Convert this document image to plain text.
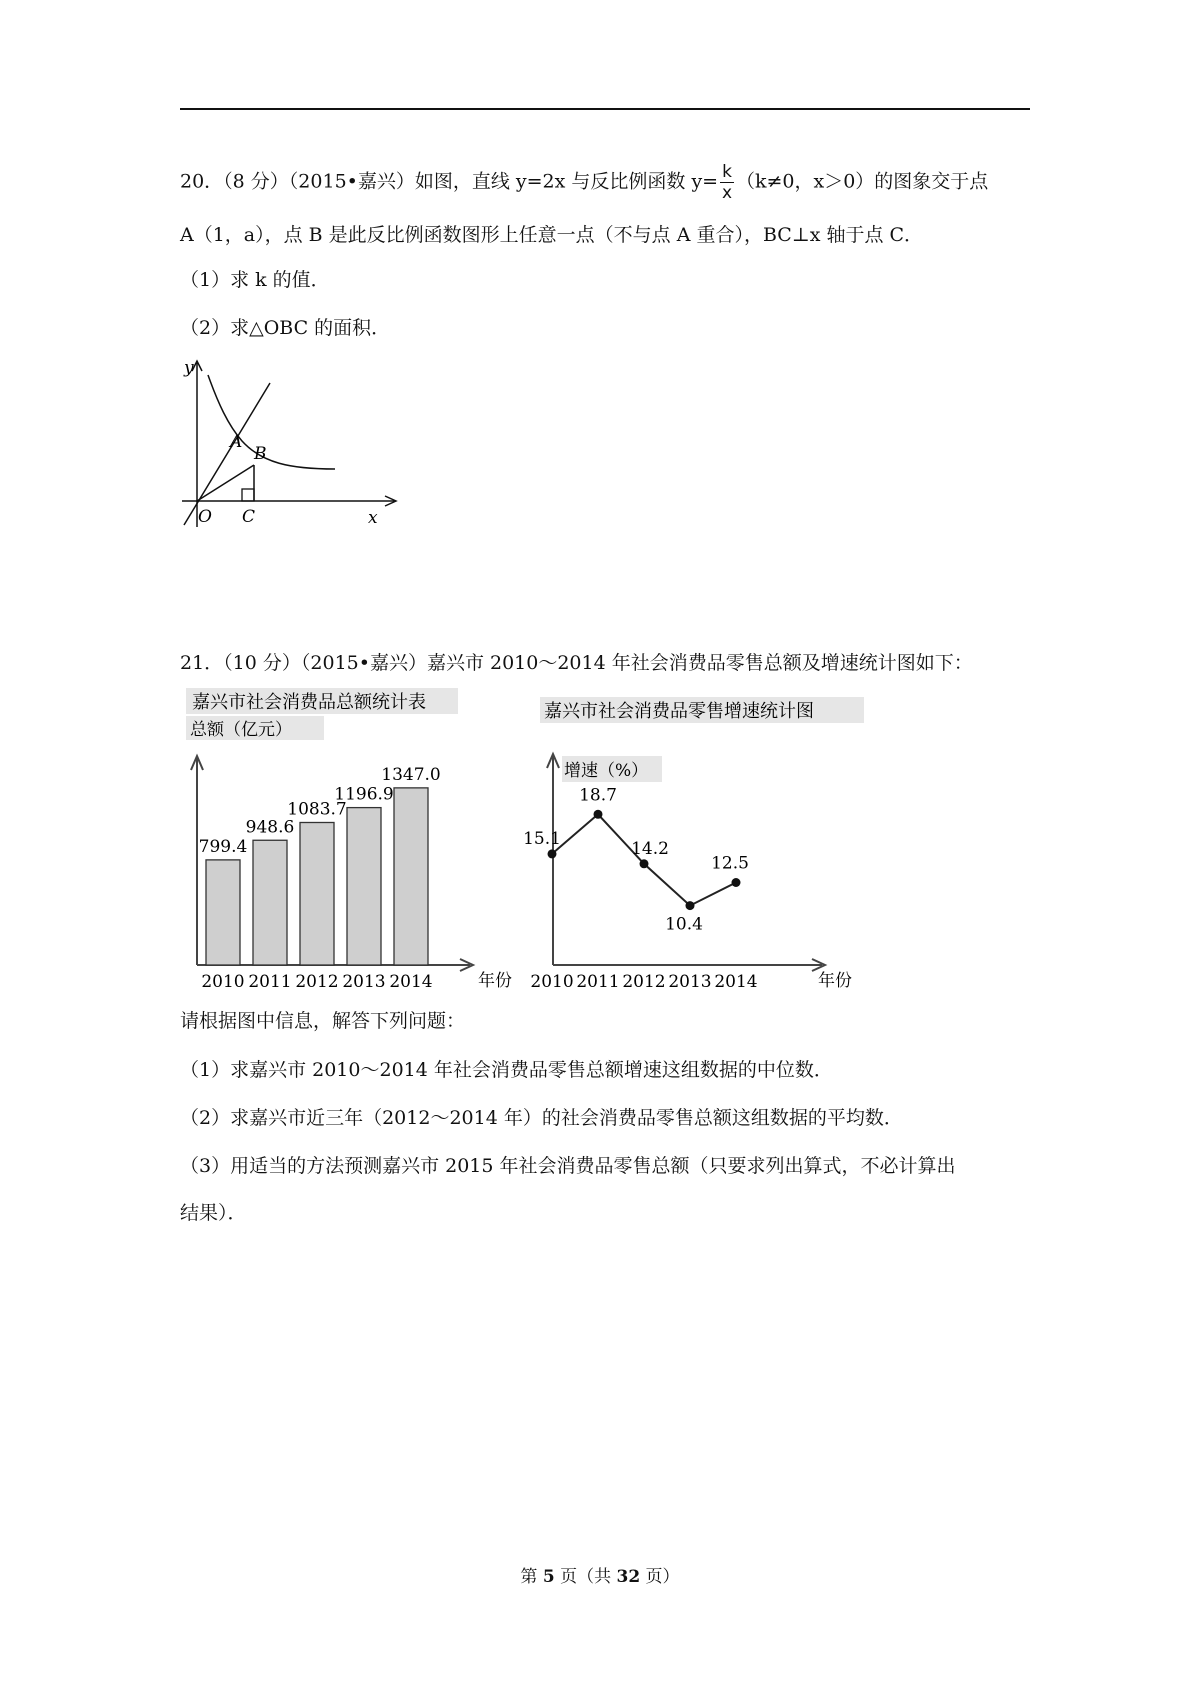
20．（8 分）（2015•嘉兴）如图，直线 y=2x 与反比例函数 $y= \frac{k}{x} (k\ne 0$，x＞0）的图象交于点
A（1，a），点 B 是此反比例函数图形上任意一点（不与点 A 重合），BC⊥x 轴于点 C．
（1）求 k 的值．
（2）求△OBC 的面积．
y
x
O
A
B
C
21．（10 分）（2015•嘉兴）嘉兴市 2010～2014 年社会消费品零售总额及增速统计图如下：
嘉兴市社会消费品总额统计表
总额（亿元）
年份
799.4
2010
948.6
2011
1083.7
2012
1196.9
2013
1347.0
2014
嘉兴市社会消费品零售增速统计图
增速（%）
年份
15.1
2010
18.7
2011
14.2
2012
10.4
2013
12.5
2014
请根据图中信息，解答下列问题：
（1）求嘉兴市 2010～2014 年社会消费品零售总额增速这组数据的中位数．
（2）求嘉兴市近三年（2012～2014 年）的社会消费品零售总额这组数据的平均数．
（3）用适当的方法预测嘉兴市 2015 年社会消费品零售总额（只要求列出算式，不必计算出
结果）．
第 5 页（共 32 页）
